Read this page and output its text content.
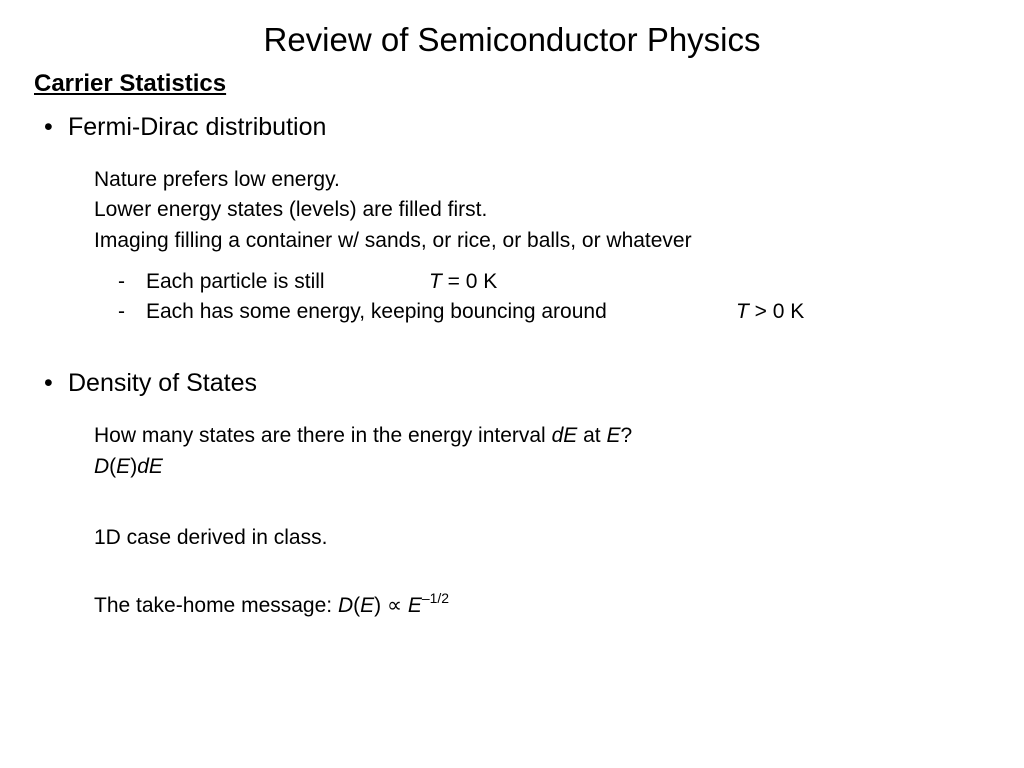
Review of Semiconductor Physics
Carrier Statistics
• Fermi-Dirac distribution
Nature prefers low energy.
Lower energy states (levels) are filled first.
Imaging filling a container w/ sands, or rice, or balls, or whatever
- Each particle is still	T = 0 K
- Each has some energy, keeping bouncing around	T > 0 K
• Density of States
How many states are there in the energy interval dE at E?
D(E)dE
1D case derived in class.
The take-home message: $D(E) \propto E^{-1/2}$
